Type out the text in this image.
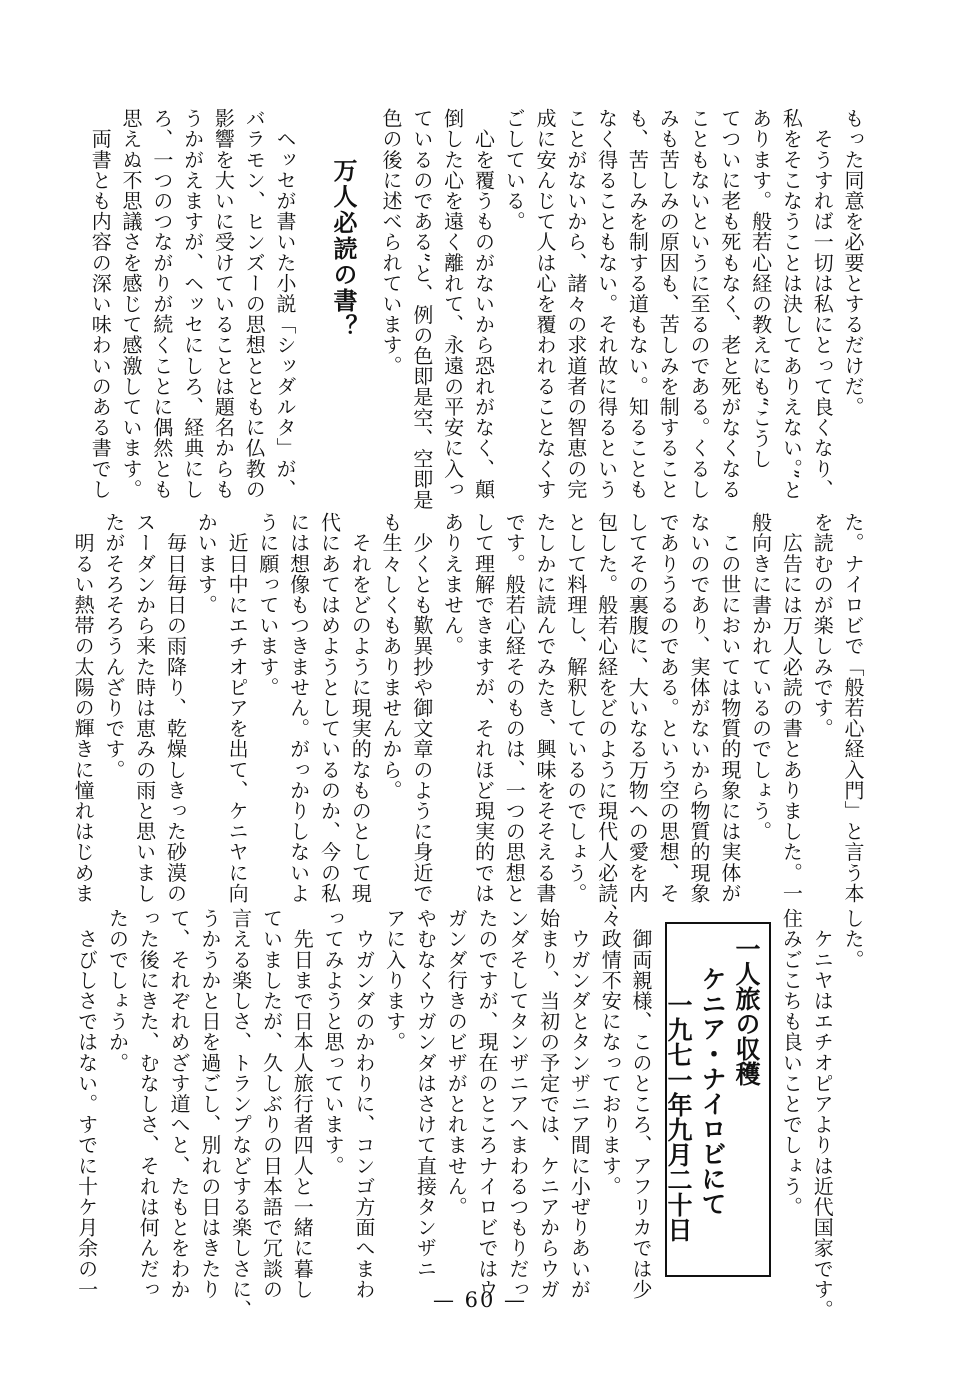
もった同意を必要とするだけだ。
　そうすれば一切は私にとって良くなり、
私をそこなうことは決してありえない。”と
あります。般若心経の教えにも“こうし
てついに老も死もなく、老と死がなくなる
こともないというに至るのである。くるし
みも苦しみの原因も、苦しみを制すること
も、苦しみを制する道もない。知ることも
なく得ることもない。それ故に得るという
ことがないから、諸々の求道者の智恵の完
成に安んじて人は心を覆われることなくす
ごしている。
　心を覆うものがないから恐れがなく、顛
倒した心を遠く離れて、永遠の平安に入っ
ているのである”と、例の色即是空、空即是
色の後に述べられています。
万人必読の書？
　ヘッセが書いた小説「シッダルタ」が、
バラモン、ヒンズーの思想とともに仏教の
影響を大いに受けていることは題名からも
うかがえますが、ヘッセにしろ、経典にし
ろ、一つのつながりが続くことに偶然とも
思えぬ不思議さを感じて感激しています。
　両書とも内容の深い味わいのある書でし
た。ナイロビで「般若心経入門」と言う本
を読むのが楽しみです。
　広告には万人必読の書とありました。一
般向きに書かれているのでしょう。
　この世においては物質的現象には実体が
ないのであり、実体がないから物質的現象
でありうるのである。という空の思想、そ
してその裏腹に、大いなる万物への愛を内
包した。般若心経をどのように現代人必読、
として料理し、解釈しているのでしょう。
たしかに読んでみたき、興味をそそえる書
です。般若心経そのものは、一つの思想と
して理解できますが、それほど現実的では
ありえません。
　少くとも歎異抄や御文章のように身近で
も生々しくもありませんから。
　それをどのように現実的なものとして現
代にあてはめようとしているのか、今の私
には想像もつきません。がっかりしないよ
うに願っています。
　近日中にエチオピアを出て、ケニヤに向
かいます。
　毎日毎日の雨降り、乾燥しきった砂漠の
スーダンから来た時は恵みの雨と思いまし
たがそろそろうんざりです。
　明るい熱帯の太陽の輝きに憧れはじめま
した。
　ケニヤはエチオピアよりは近代国家です。
住みごこちも良いことでしょう。
一人旅の収穫
ケニア・ナイロビにて
一九七一年九月二十日
　御両親様、このところ、アフリカでは少
々政情不安になっております。
　ウガンダとタンザニア間に小ぜりあいが
始まり、当初の予定では、ケニアからウガ
ンダそしてタンザニアへまわるつもりだっ
たのですが、現在のところナイロビではウ
ガンダ行きのビザがとれません。
やむなくウガンダはさけて直接タンザニ
アに入ります。
　ウガンダのかわりに、コンゴ方面へまわ
ってみようと思っています。
　先日まで日本人旅行者四人と一緒に暮し
ていましたが、久しぶりの日本語で冗談の
言える楽しさ、トランプなどする楽しさに、
うかうかと日を過ごし、別れの日はきたり
て、それぞれめざす道へと、たもとをわか
った後にきた、むなしさ、それは何んだっ
たのでしょうか。
　さびしさではない。すでに十ケ月余の一
— 60 —
